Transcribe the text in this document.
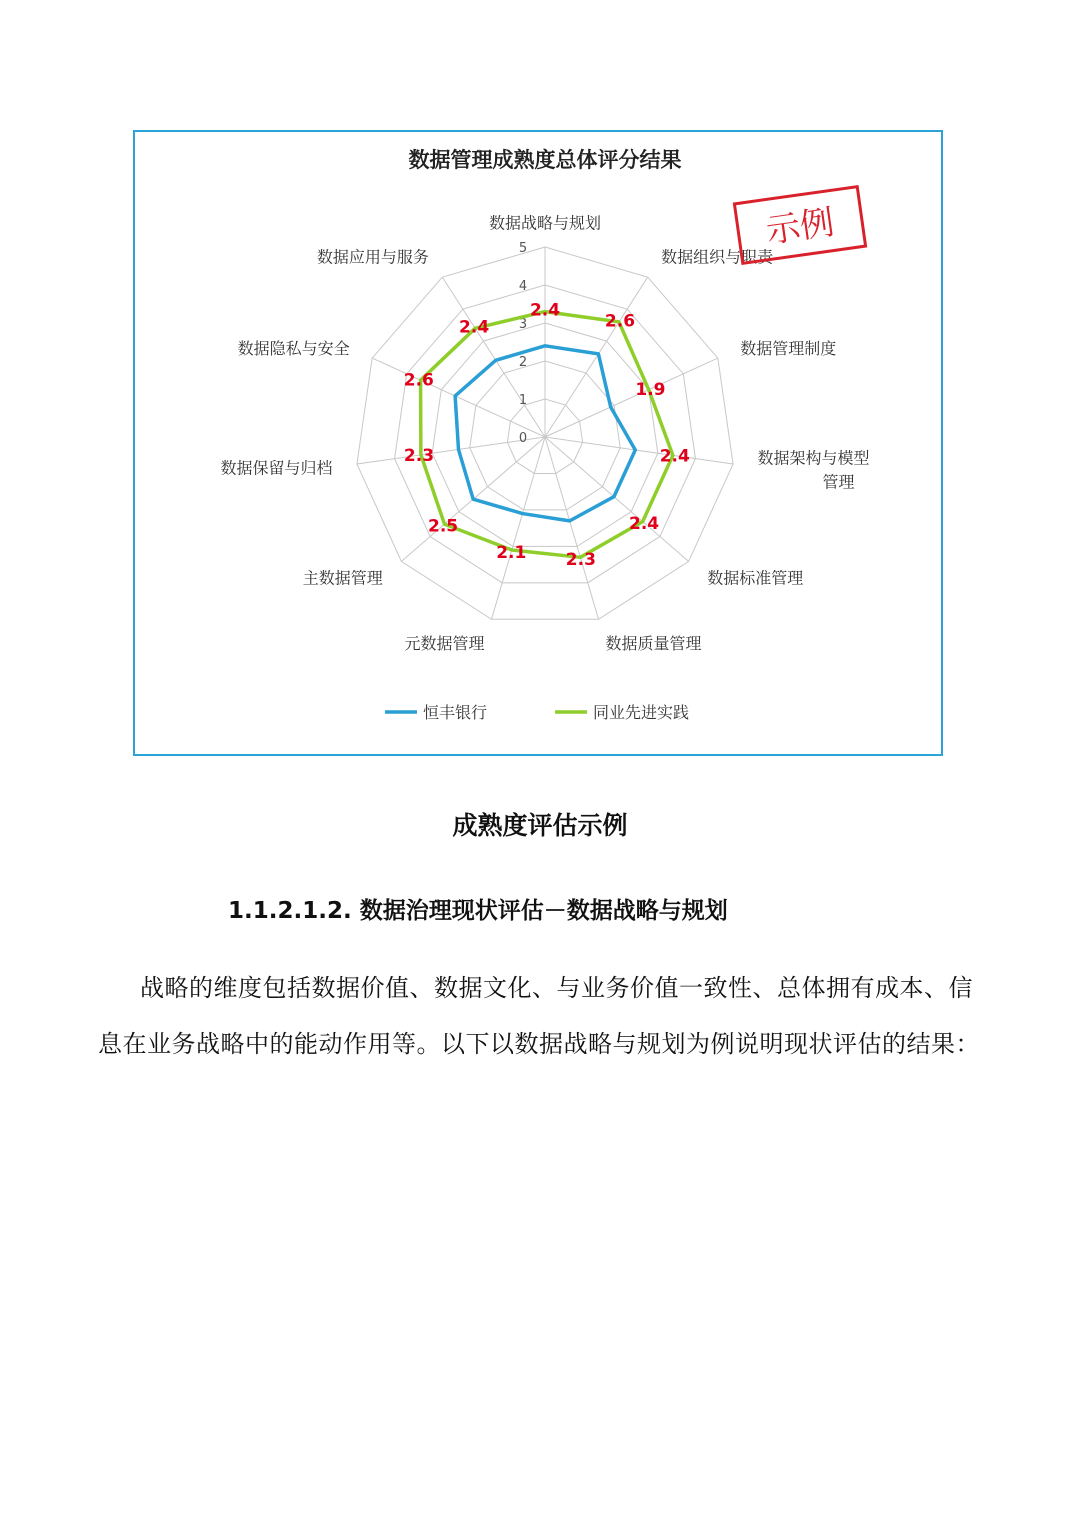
数据管理成熟度总体评分结果
0
1
2
3
4
5
2.4
2.6
1.9
2.4
2.4
2.3
2.1
2.5
2.3
2.6
2.4
数据战略与规划
数据组织与职责
数据管理制度
数据架构与模型管理
数据标准管理
数据质量管理
元数据管理
主数据管理
数据保留与归档
数据隐私与安全
数据应用与服务
示例
恒丰银行	同业先进实践
成熟度评估示例
1.1.2.1.2. 数据治理现状评估－数据战略与规划
战略的维度包括数据价值、数据文化、与业务价值一致性、总体拥有成本、信息在业务战略中的能动作用等。以下以数据战略与规划为例说明现状评估的结果：
